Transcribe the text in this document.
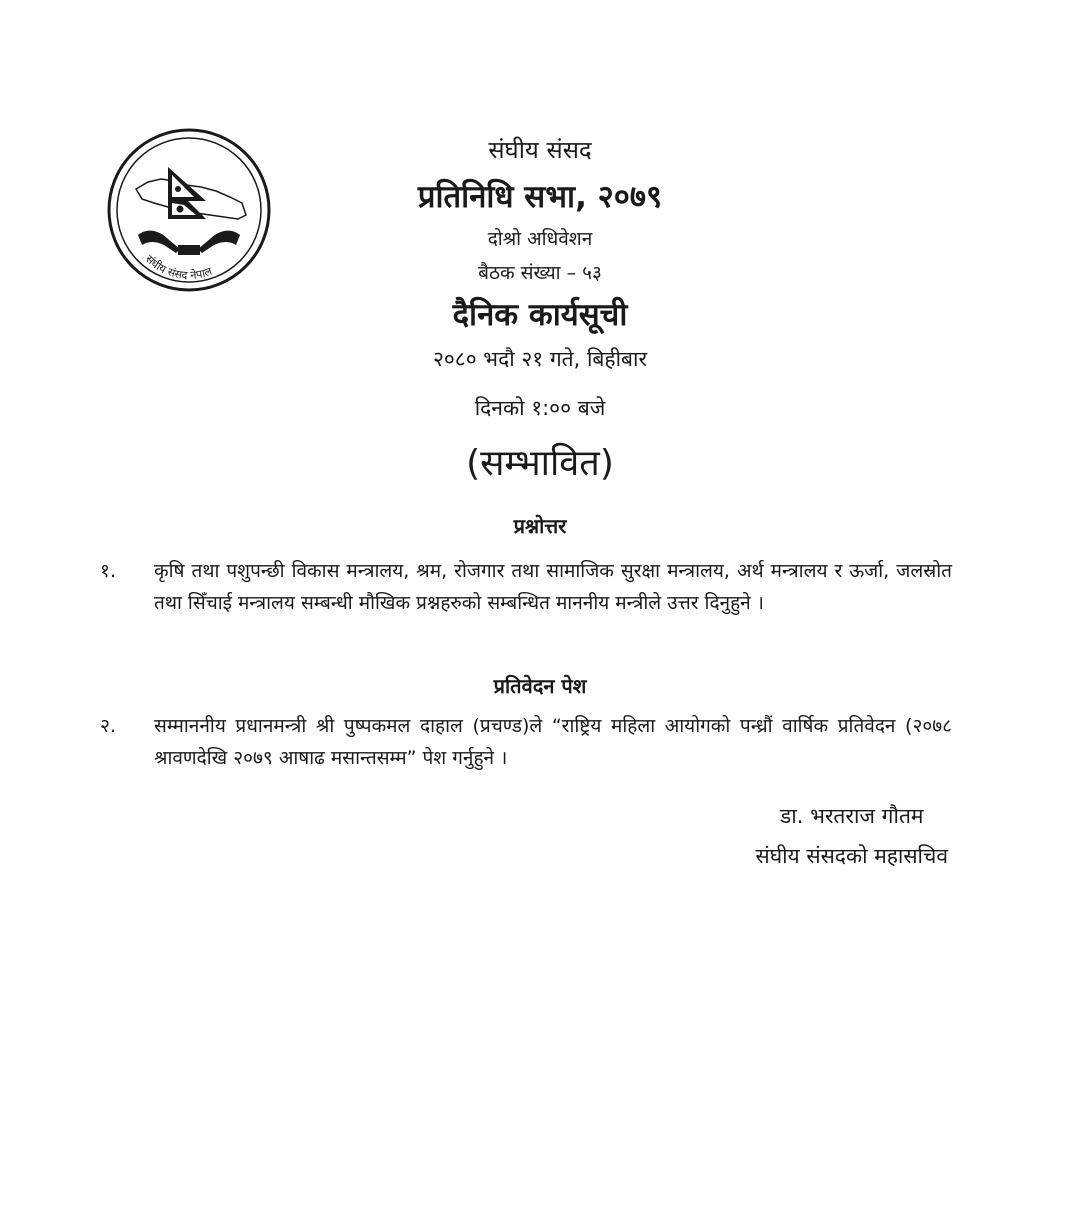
संघीय संसद नेपाल
संघीय संसद
प्रतिनिधि सभा, २०७९
दोश्रो अधिवेशन
बैठक संख्या – ५३
दैनिक कार्यसूची
२०८० भदौ २१ गते, बिहीबार
दिनको १:०० बजे
(सम्भावित)
प्रश्नोत्तर
१. कृषि तथा पशुपन्छी विकास मन्त्रालय, श्रम, रोजगार तथा सामाजिक सुरक्षा मन्त्रालय, अर्थ मन्त्रालय र ऊर्जा, जलस्रोत तथा सिँचाई मन्त्रालय सम्बन्धी मौखिक प्रश्नहरुको सम्बन्धित माननीय मन्त्रीले उत्तर दिनुहुने ।
प्रतिवेदन पेश
२. सम्माननीय प्रधानमन्त्री श्री पुष्पकमल दाहाल (प्रचण्ड)ले “राष्ट्रिय महिला आयोगको पन्ध्रौं वार्षिक प्रतिवेदन (२०७८ श्रावणदेखि २०७९ आषाढ मसान्तसम्म” पेश गर्नुहुने ।
डा. भरतराज गौतम
संघीय संसदको महासचिव
